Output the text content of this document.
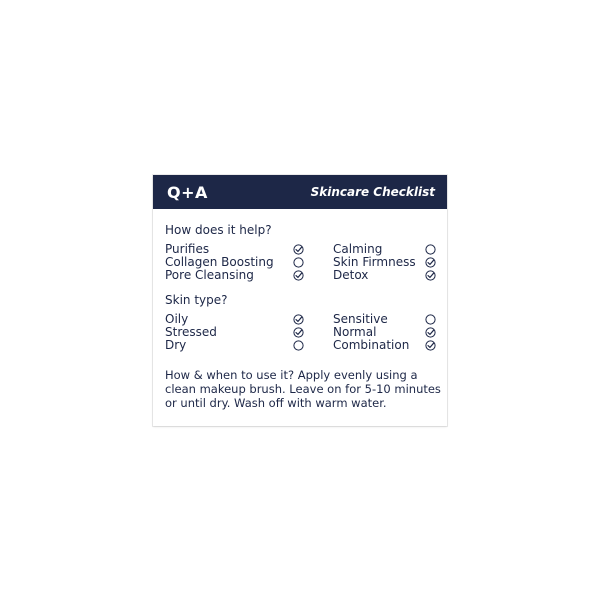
Q+A	Skincare Checklist
How does it help?
Purifies
Collagen Boosting
Pore Cleansing
Calming
Skin Firmness
Detox
Skin type?
Oily
Stressed
Dry
Sensitive
Normal
Combination
How & when to use it? Apply evenly using a clean makeup brush. Leave on for 5-10 minutes or until dry. Wash off with warm water.
